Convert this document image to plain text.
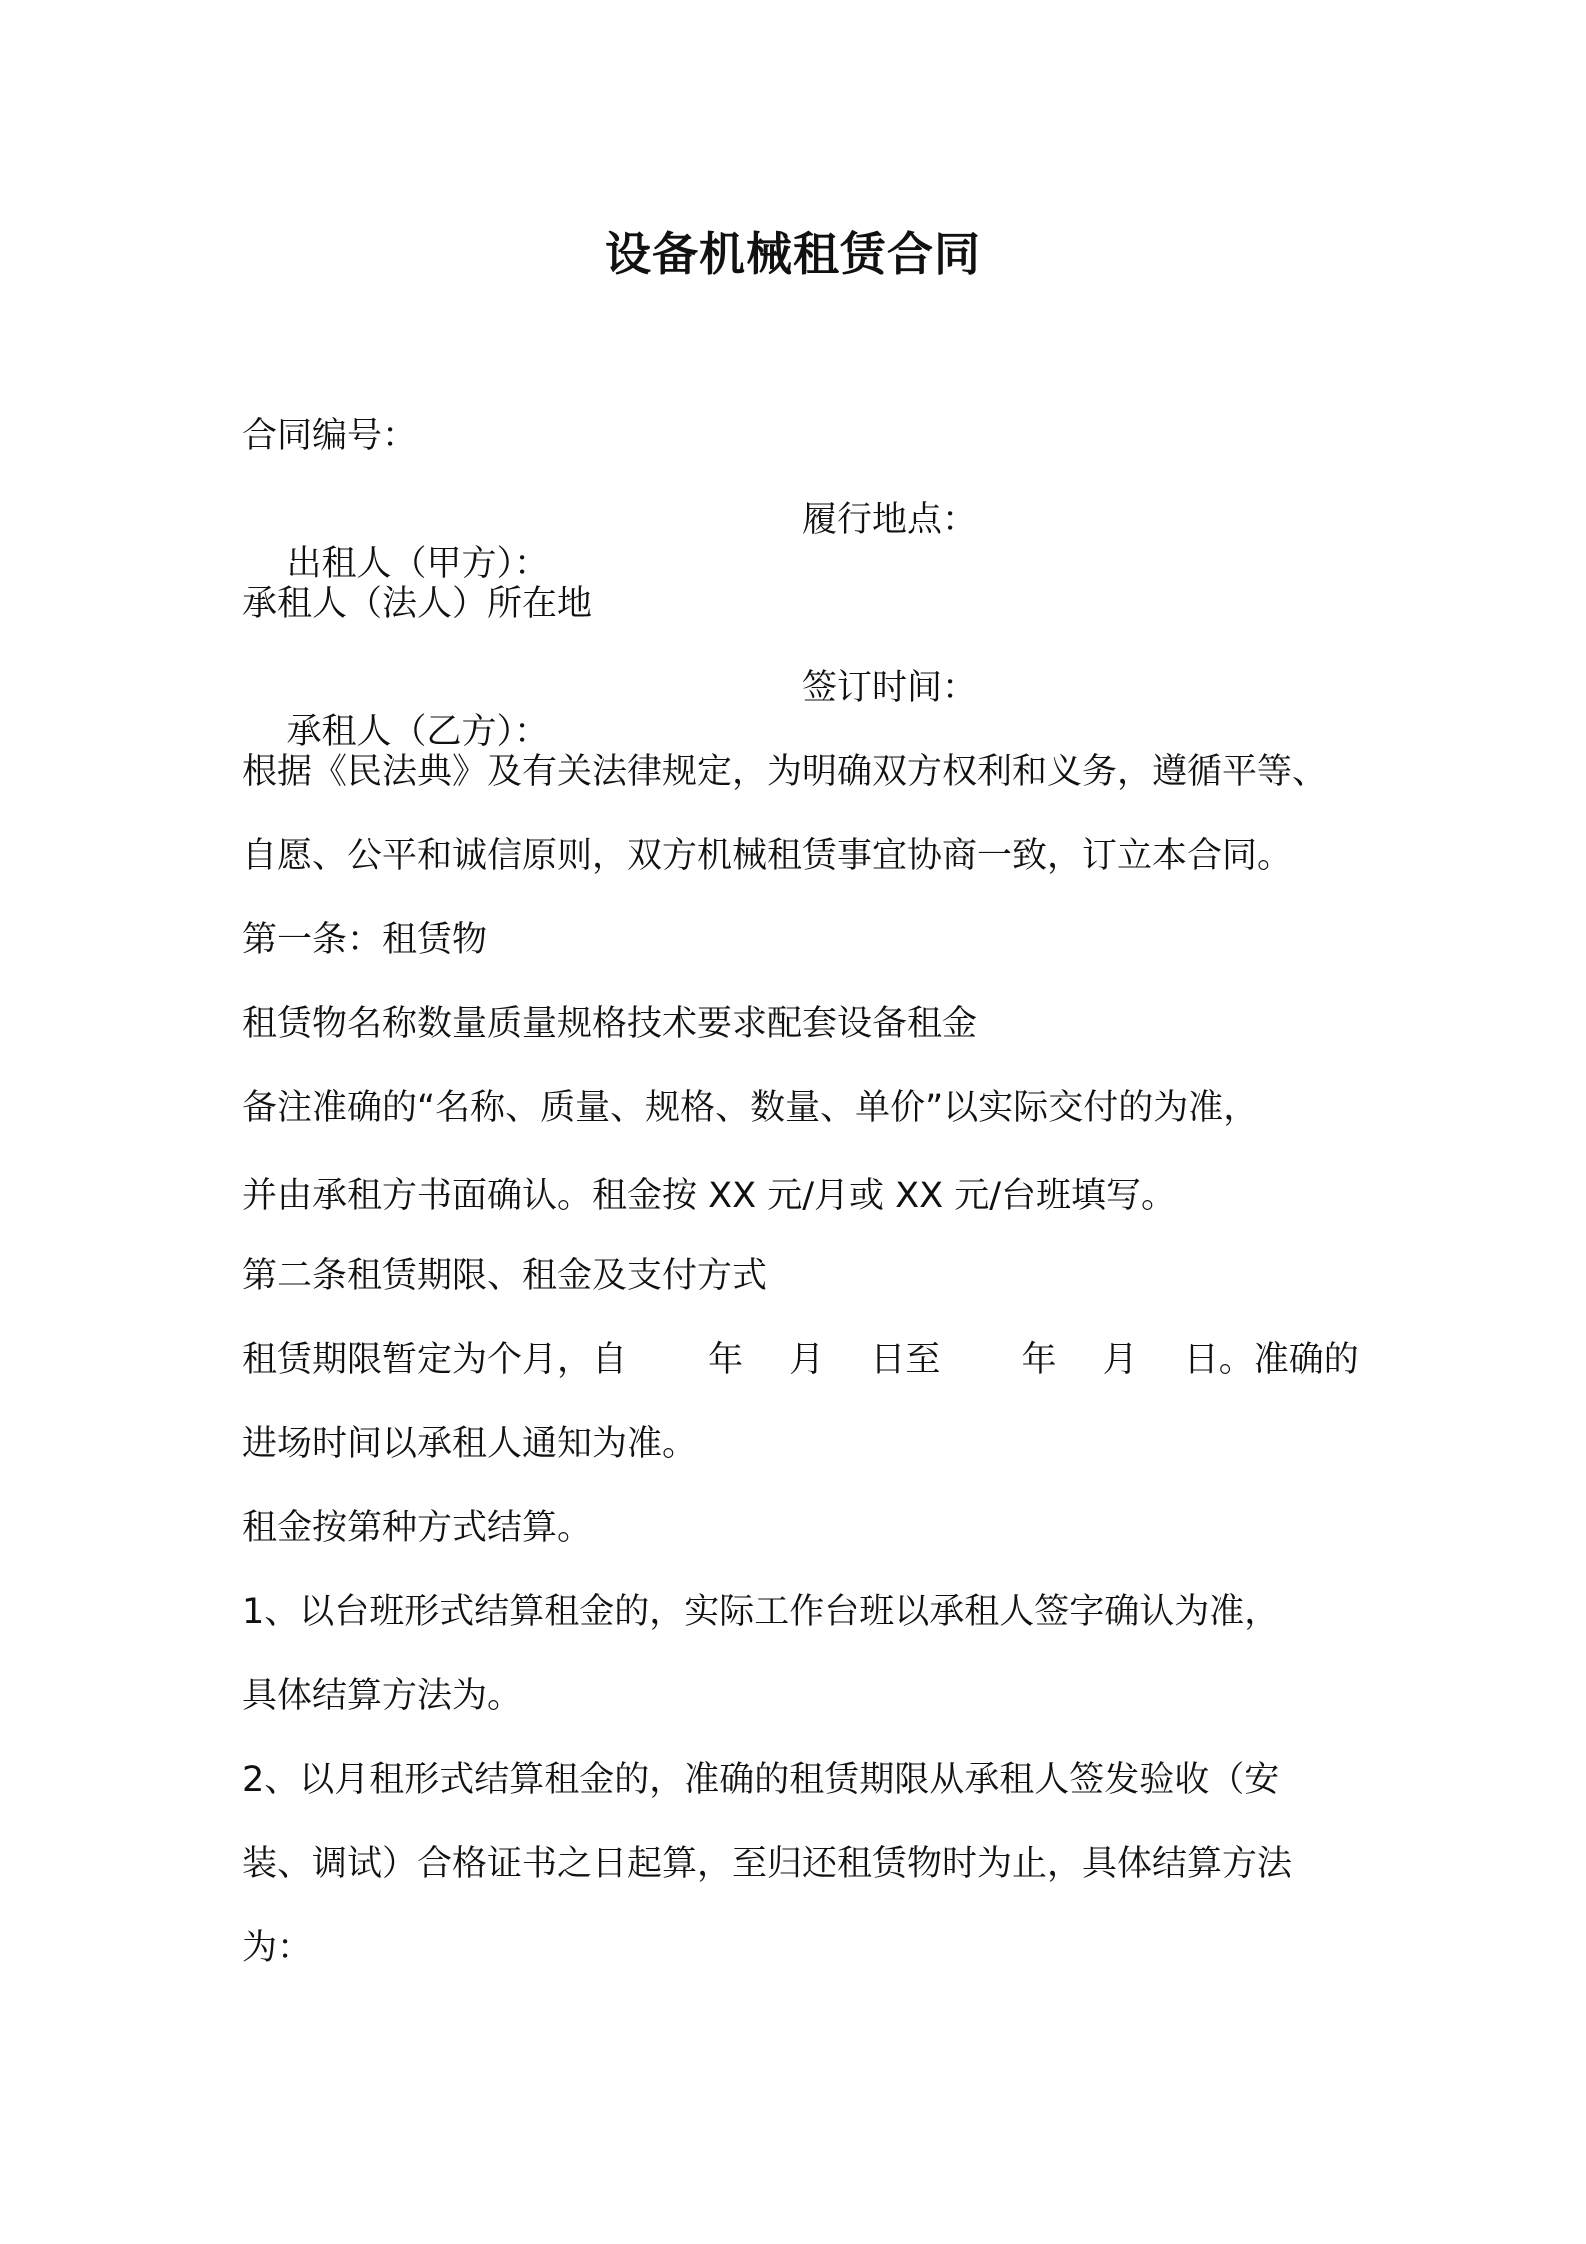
设备机械租赁合同
合同编号：

出租人（甲方）：

履行地点：

承租人（法人）所在地

承租人（乙方）：

签订时间：

根据《民法典》及有关法律规定，为明确双方权利和义务，遵循平等、
自愿、公平和诚信原则，双方机械租赁事宜协商一致，订立本合同。
第一条：租赁物
租赁物名称数量质量规格技术要求配套设备租金
备注准确的“名称、质量、规格、数量、单价”以实际交付的为准，
并由承租方书面确认。租金按 XX 元/月或 XX 元/台班填写。
第二条租赁期限、租金及支付方式
租赁期限暂定为个月，自　　 年　 月　 日至　　 年　 月　 日。准确的
进场时间以承租人通知为准。
租金按第种方式结算。
1、以台班形式结算租金的，实际工作台班以承租人签字确认为准，
具体结算方法为。
2、以月租形式结算租金的，准确的租赁期限从承租人签发验收（安
装、调试）合格证书之日起算，至归还租赁物时为止，具体结算方法
为：
